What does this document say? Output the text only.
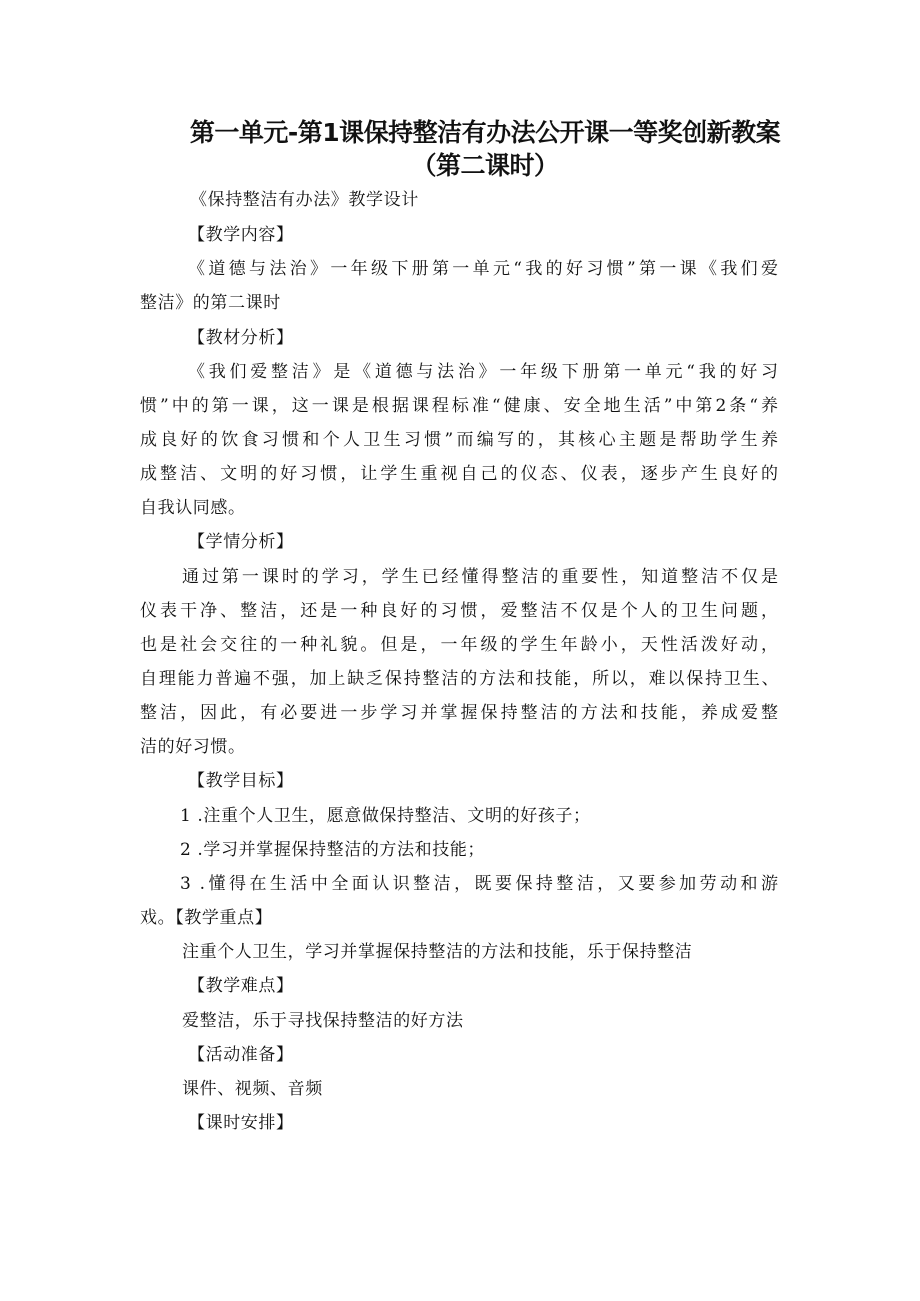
第一单元-第1课保持整洁有办法公开课一等奖创新教案
（第二课时）
《保持整洁有办法》教学设计
【教学内容】
《道德与法治》一年级下册第一单元“我的好习惯”第一课《我们爱
整洁》的第二课时
【教材分析】
《我们爱整洁》是《道德与法治》一年级下册第一单元“我的好习
惯”中的第一课，这一课是根据课程标准“健康、安全地生活”中第2条“养
成良好的饮食习惯和个人卫生习惯”而编写的，其核心主题是帮助学生养
成整洁、文明的好习惯，让学生重视自己的仪态、仪表，逐步产生良好的
自我认同感。
【学情分析】
通过第一课时的学习，学生已经懂得整洁的重要性，知道整洁不仅是
仪表干净、整洁，还是一种良好的习惯，爱整洁不仅是个人的卫生问题，
也是社会交往的一种礼貌。但是，一年级的学生年龄小，天性活泼好动，
自理能力普遍不强，加上缺乏保持整洁的方法和技能，所以，难以保持卫生、
整洁，因此，有必要进一步学习并掌握保持整洁的方法和技能，养成爱整
洁的好习惯。
【教学目标】
1 .注重个人卫生，愿意做保持整洁、文明的好孩子；
2 .学习并掌握保持整洁的方法和技能；
3 .懂得在生活中全面认识整洁，既要保持整洁，又要参加劳动和游
戏。【教学重点】
注重个人卫生，学习并掌握保持整洁的方法和技能，乐于保持整洁
【教学难点】
爱整洁，乐于寻找保持整洁的好方法
【活动准备】
课件、视频、音频
【课时安排】
